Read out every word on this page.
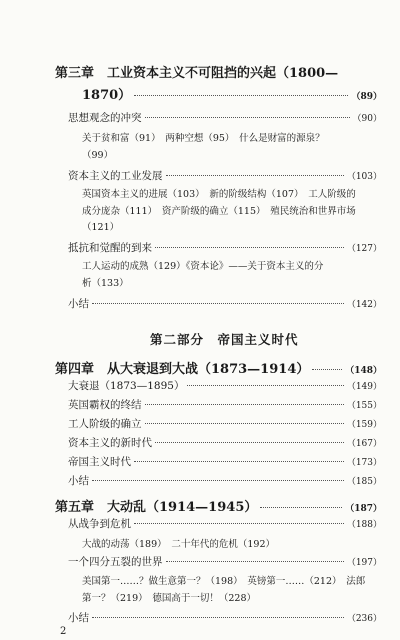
第三章　工业资本主义不可阻挡的兴起（1800—
1870）	（89）
思想观念的冲突	（90）
关于贫和富（91）　两种空想（95）　什么是财富的源泉？
（99）
资本主义的工业发展	（103）
英国资本主义的进展（103）　新的阶级结构（107）　工人阶级的
成分庞杂（111）　资产阶级的确立（115）　殖民统治和世界市场
（121）
抵抗和觉醒的到来	（127）
工人运动的成熟（129）《资本论》——关于资本主义的分
析（133）
小结	（142）
第二部分　帝国主义时代
第四章　从大衰退到大战（1873—1914）	（148）
大衰退（1873—1895）	（149）
英国霸权的终结	（155）
工人阶级的确立	（159）
资本主义的新时代	（167）
帝国主义时代	（173）
小结	（185）
第五章　大动乱（1914—1945）	（187）
从战争到危机	（188）
大战的动荡（189）　二十年代的危机（192）
一个四分五裂的世界	（197）
美国第一……？做生意第一？（198）　英镑第一……（212）　法郎
第一？（219）　德国高于一切！（228）
小结	（236）
2
